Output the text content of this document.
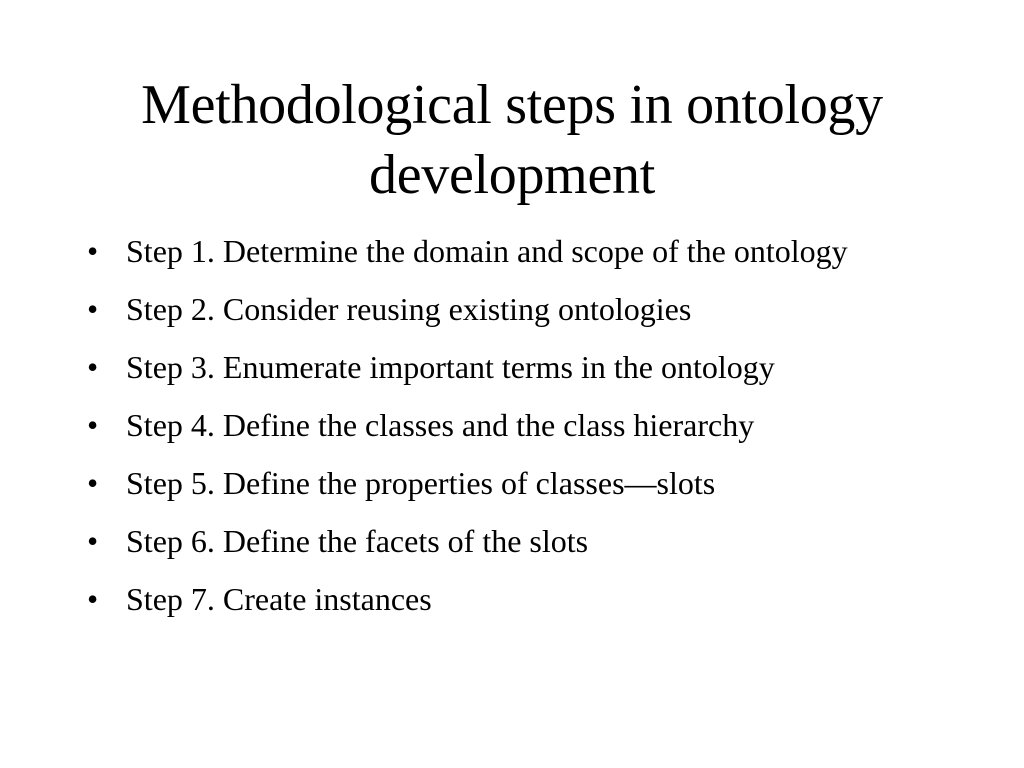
Methodological steps in ontology development
• Step 1. Determine the domain and scope of the ontology
• Step 2. Consider reusing existing ontologies
• Step 3. Enumerate important terms in the ontology
• Step 4. Define the classes and the class hierarchy
• Step 5. Define the properties of classes—slots
• Step 6. Define the facets of the slots
• Step 7. Create instances
